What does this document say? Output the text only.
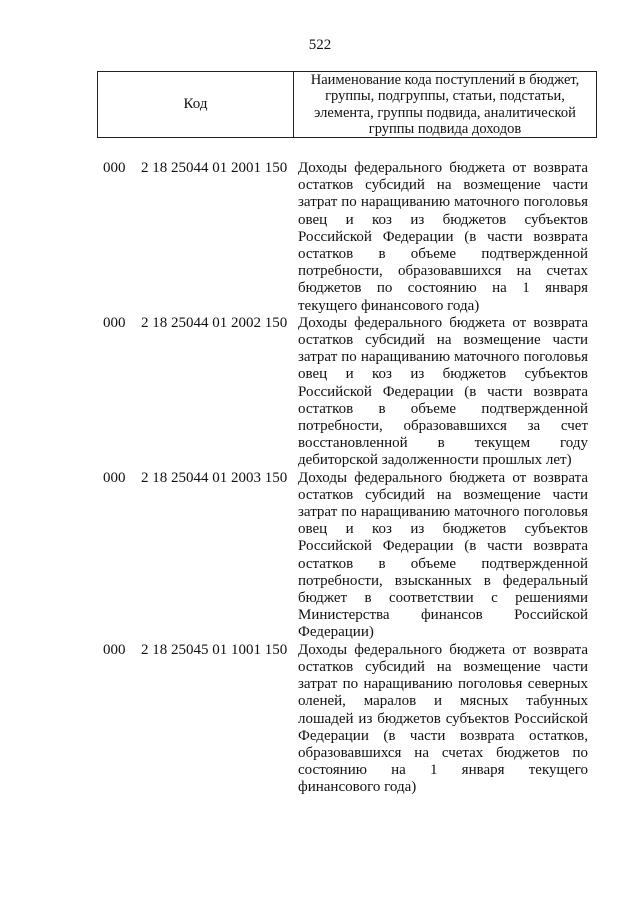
522
Код
Наименование кода поступлений в бюджет, группы, подгруппы, статьи, подстатьи, элемента, группы подвида, аналитической группы подвида доходов
000 2 18 25044 01 2001 150 Доходы федерального бюджета от возврата остатков субсидий на возмещение части затрат по наращиванию маточного поголовья овец и коз из бюджетов субъектов Российской Федерации (в части возврата остатков в объеме подтвержденной потребности, образовавшихся на счетах бюджетов по состоянию на 1 января текущего финансового года)
000 2 18 25044 01 2002 150 Доходы федерального бюджета от возврата остатков субсидий на возмещение части затрат по наращиванию маточного поголовья овец и коз из бюджетов субъектов Российской Федерации (в части возврата остатков в объеме подтвержденной потребности, образовавшихся за счет восстановленной в текущем году дебиторской задолженности прошлых лет)
000 2 18 25044 01 2003 150 Доходы федерального бюджета от возврата остатков субсидий на возмещение части затрат по наращиванию маточного поголовья овец и коз из бюджетов субъектов Российской Федерации (в части возврата остатков в объеме подтвержденной потребности, взысканных в федеральный бюджет в соответствии с решениями Министерства финансов Российской Федерации)
000 2 18 25045 01 1001 150 Доходы федерального бюджета от возврата остатков субсидий на возмещение части затрат по наращиванию поголовья северных оленей, маралов и мясных табунных лошадей из бюджетов субъектов Российской Федерации (в части возврата остатков, образовавшихся на счетах бюджетов по состоянию на 1 января текущего финансового года)
